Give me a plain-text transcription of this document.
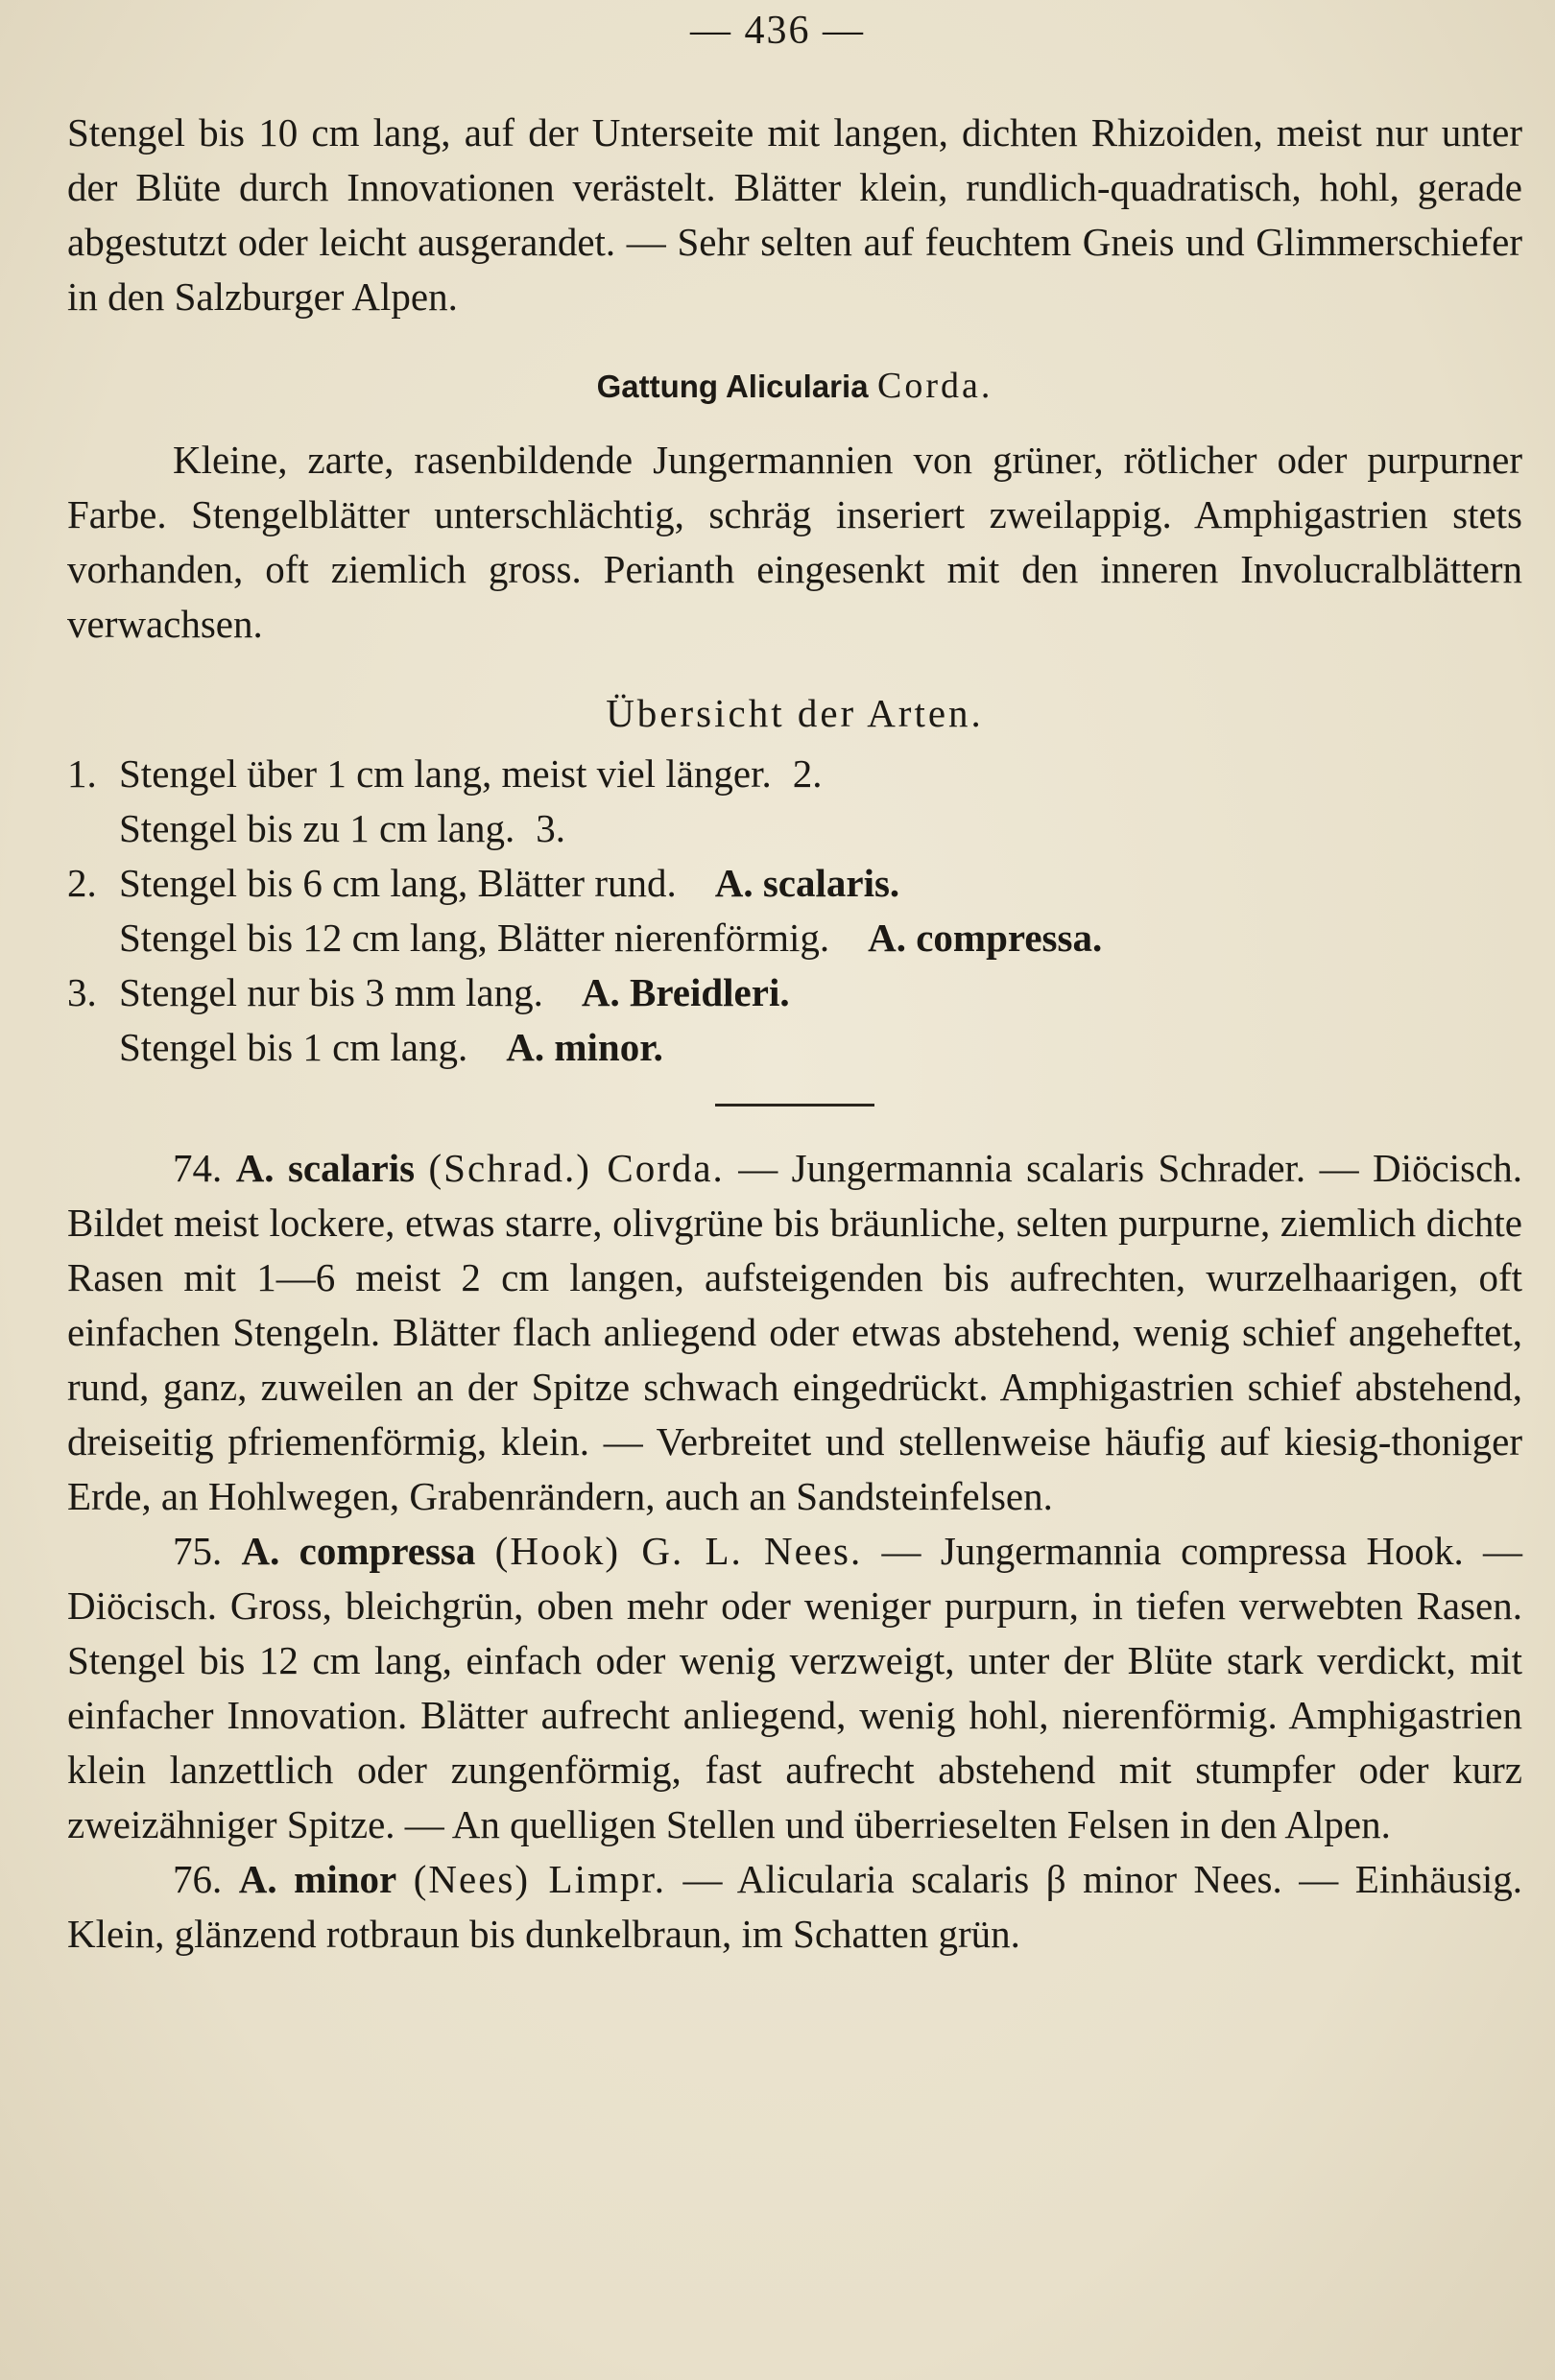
— 436 —

Stengel bis 10 cm lang, auf der Unterseite mit langen, dichten Rhizoiden, meist nur unter der Blüte durch Innovationen verästelt. Blätter klein, rundlich-quadratisch, hohl, gerade abgestutzt oder leicht ausgerandet. — Sehr selten auf feuchtem Gneis und Glimmerschiefer in den Salzburger Alpen.

Gattung Alicularia Corda.

Kleine, zarte, rasenbildende Jungermannien von grüner, rötlicher oder purpurner Farbe. Stengelblätter unterschlächtig, schräg inseriert zweilappig. Amphigastrien stets vorhanden, oft ziemlich gross. Perianth eingesenkt mit den inneren Involucralblättern verwachsen.

Übersicht der Arten.
1. Stengel über 1 cm lang, meist viel länger. 2.
Stengel bis zu 1 cm lang. 3.
2. Stengel bis 6 cm lang, Blätter rund. A. scalaris.
Stengel bis 12 cm lang, Blätter nierenförmig. A. compressa.
3. Stengel nur bis 3 mm lang. A. Breidleri.
Stengel bis 1 cm lang. A. minor.

74. A. scalaris (Schrad.) Corda. — Jungermannia scalaris Schrader. — Diöcisch. Bildet meist lockere, etwas starre, olivgrüne bis bräunliche, selten purpurne, ziemlich dichte Rasen mit 1—6 meist 2 cm langen, aufsteigenden bis aufrechten, wurzelhaarigen, oft einfachen Stengeln. Blätter flach anliegend oder etwas abstehend, wenig schief angeheftet, rund, ganz, zuweilen an der Spitze schwach eingedrückt. Amphigastrien schief abstehend, dreiseitig pfriemenförmig, klein. — Verbreitet und stellenweise häufig auf kiesig-thoniger Erde, an Hohlwegen, Grabenrändern, auch an Sandsteinfelsen.

75. A. compressa (Hook) G. L. Nees. — Jungermannia compressa Hook. — Diöcisch. Gross, bleichgrün, oben mehr oder weniger purpurn, in tiefen verwebten Rasen. Stengel bis 12 cm lang, einfach oder wenig verzweigt, unter der Blüte stark verdickt, mit einfacher Innovation. Blätter aufrecht anliegend, wenig hohl, nierenförmig. Amphigastrien klein lanzettlich oder zungenförmig, fast aufrecht abstehend mit stumpfer oder kurz zweizähniger Spitze. — An quelligen Stellen und überrieselten Felsen in den Alpen.

76. A. minor (Nees) Limpr. — Alicularia scalaris β minor Nees. — Einhäusig. Klein, glänzend rotbraun bis dunkelbraun, im Schatten grün.
